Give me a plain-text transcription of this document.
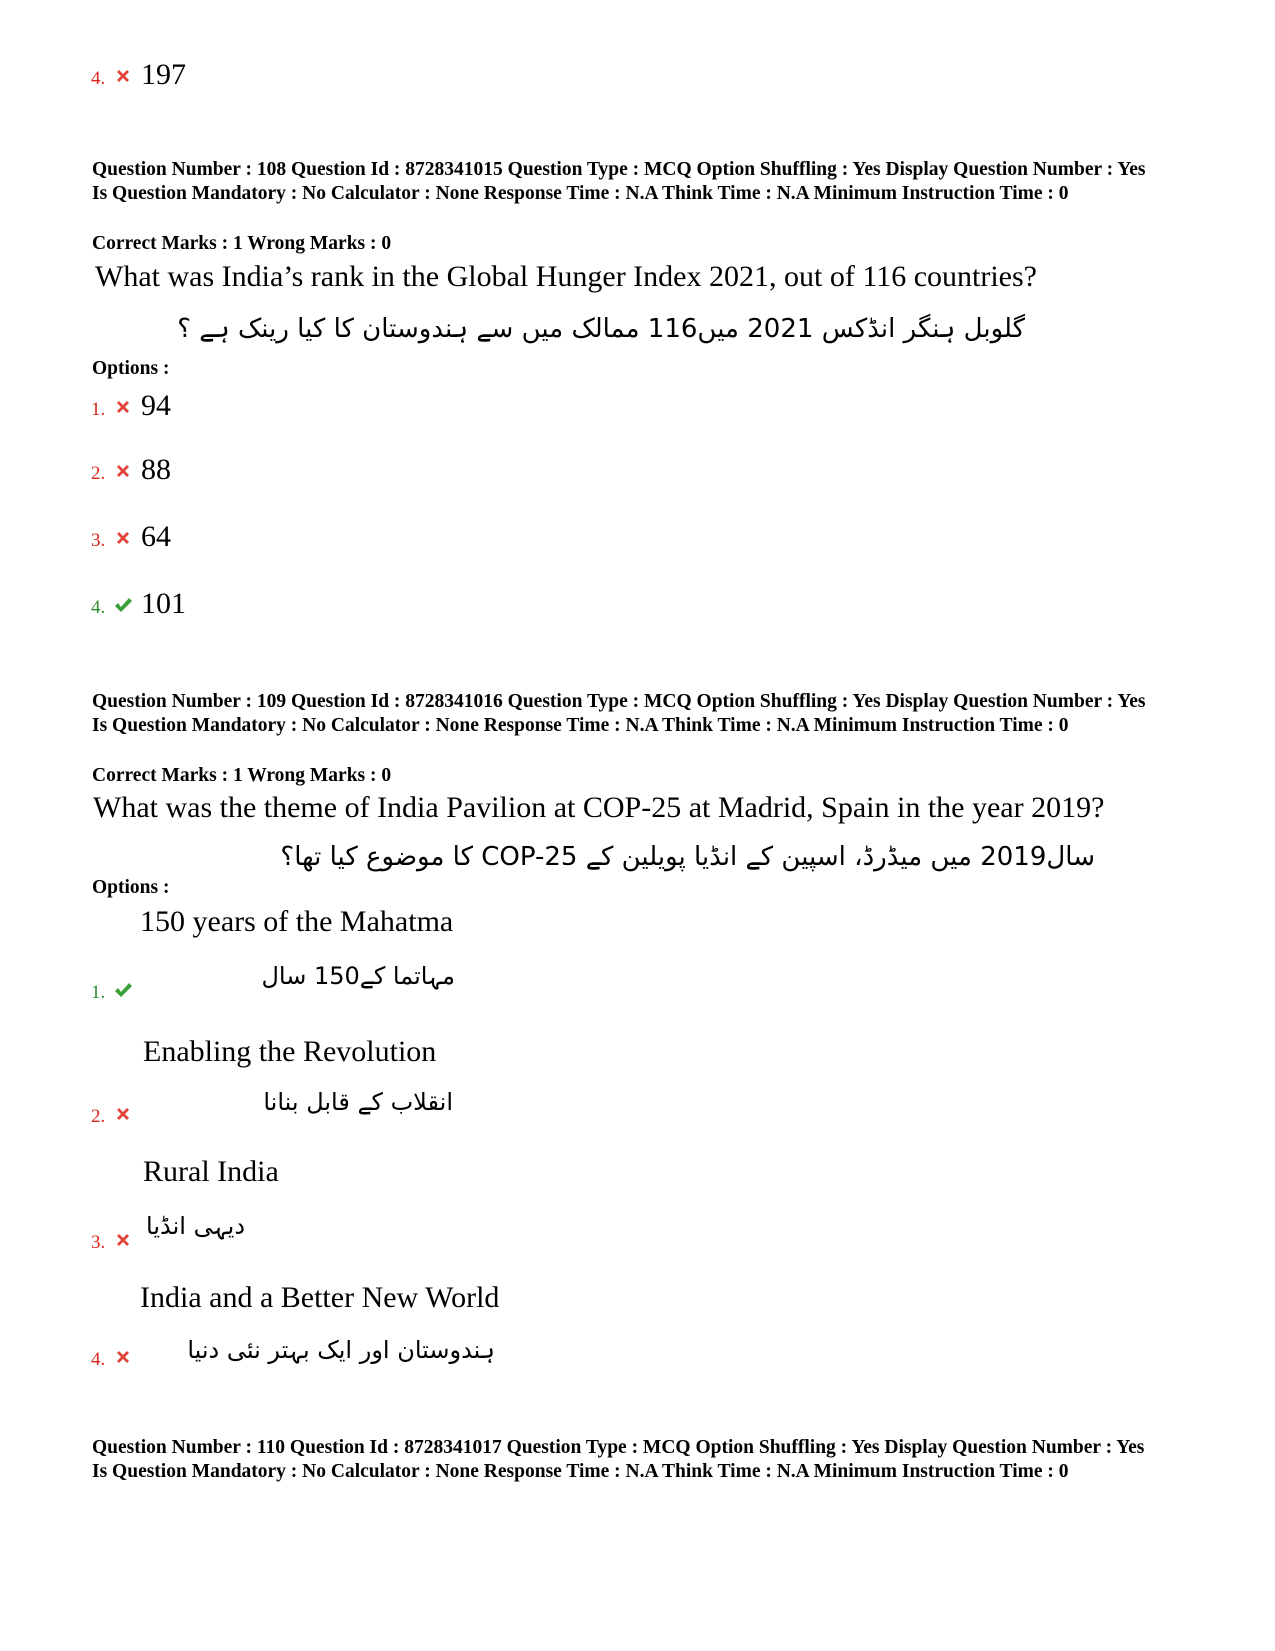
4. 197
Question Number : 108 Question Id : 8728341015 Question Type : MCQ Option Shuffling : Yes Display Question Number : Yes Is Question Mandatory : No Calculator : None Response Time : N.A Think Time : N.A Minimum Instruction Time : 0
Correct Marks : 1 Wrong Marks : 0
What was India’s rank in the Global Hunger Index 2021, out of 116 countries?
گلوبل ہنگر انڈکس 2021 میں116 ممالک میں سے ہندوستان کا کیا رینک ہے ؟
Options :
1. 94
2. 88
3. 64
4. 101
Question Number : 109 Question Id : 8728341016 Question Type : MCQ Option Shuffling : Yes Display Question Number : Yes Is Question Mandatory : No Calculator : None Response Time : N.A Think Time : N.A Minimum Instruction Time : 0
Correct Marks : 1 Wrong Marks : 0
What was the theme of India Pavilion at COP-25 at Madrid, Spain in the year 2019?
سال2019 میں میڈرڈ، اسپین کے انڈیا پویلین کے COP-25 کا موضوع کیا تھا؟
Options :
150 years of the Mahatma
مہاتما کے150 سال
1.
Enabling the Revolution
انقلاب کے قابل بنانا
2.
Rural India
دیہی انڈیا
3.
India and a Better New World
ہندوستان اور ایک بہتر نئی دنیا
4.
Question Number : 110 Question Id : 8728341017 Question Type : MCQ Option Shuffling : Yes Display Question Number : Yes Is Question Mandatory : No Calculator : None Response Time : N.A Think Time : N.A Minimum Instruction Time : 0
